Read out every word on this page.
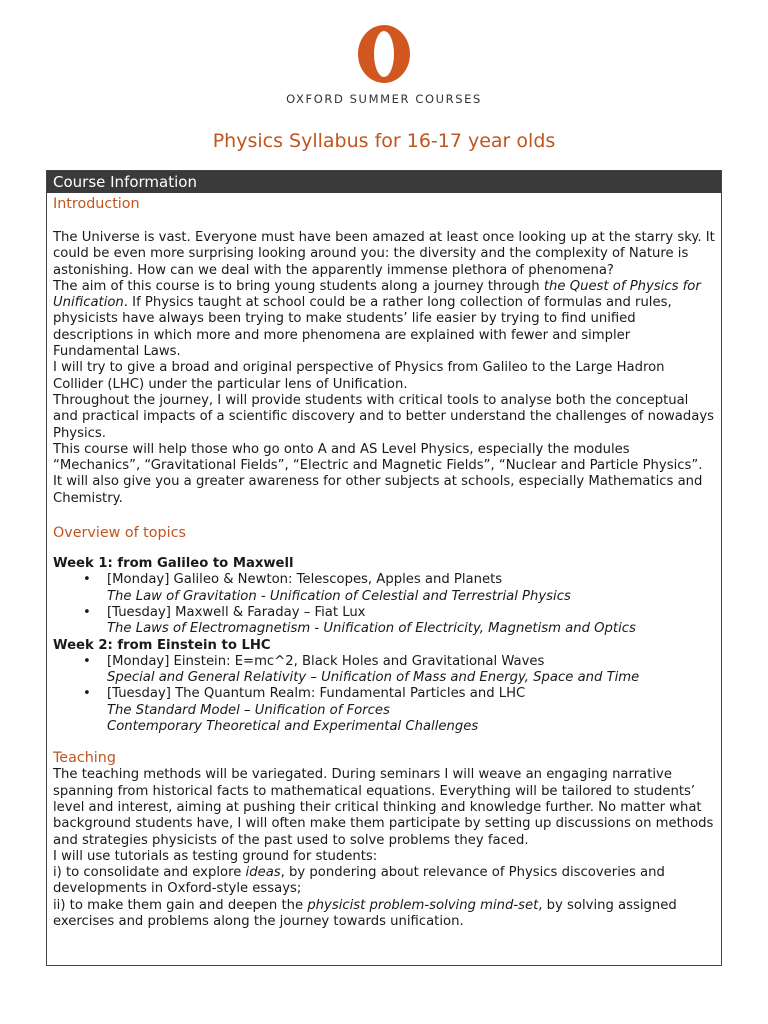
OXFORD SUMMER COURSES
Physics Syllabus for 16-17 year olds
Course Information
Introduction

The Universe is vast. Everyone must have been amazed at least once looking up at the starry sky. It could be even more surprising looking around you: the diversity and the complexity of Nature is astonishing. How can we deal with the apparently immense plethora of phenomena?

The aim of this course is to bring young students along a journey through the Quest of Physics for Unification. If Physics taught at school could be a rather long collection of formulas and rules, physicists have always been trying to make students’ life easier by trying to find unified descriptions in which more and more phenomena are explained with fewer and simpler Fundamental Laws.

I will try to give a broad and original perspective of Physics from Galileo to the Large Hadron Collider (LHC) under the particular lens of Unification.

Throughout the journey, I will provide students with critical tools to analyse both the conceptual and practical impacts of a scientific discovery and to better understand the challenges of nowadays Physics.

This course will help those who go onto A and AS Level Physics, especially the modules “Mechanics”, “Gravitational Fields”, “Electric and Magnetic Fields”, “Nuclear and Particle Physics”. It will also give you a greater awareness for other subjects at schools, especially Mathematics and Chemistry.

Overview of topics

Week 1: from Galileo to Maxwell

• [Monday] Galileo & Newton: Telescopes, Apples and Planets
The Law of Gravitation - Unification of Celestial and Terrestrial Physics
• [Tuesday] Maxwell & Faraday – Fiat Lux
The Laws of Electromagnetism - Unification of Electricity, Magnetism and Optics

Week 2: from Einstein to LHC

• [Monday] Einstein: E=mc^2, Black Holes and Gravitational Waves
Special and General Relativity – Unification of Mass and Energy, Space and Time
• [Tuesday] The Quantum Realm: Fundamental Particles and LHC
The Standard Model – Unification of Forces
Contemporary Theoretical and Experimental Challenges
Teaching

The teaching methods will be variegated. During seminars I will weave an engaging narrative spanning from historical facts to mathematical equations. Everything will be tailored to students’ level and interest, aiming at pushing their critical thinking and knowledge further. No matter what background students have, I will often make them participate by setting up discussions on methods and strategies physicists of the past used to solve problems they faced.

I will use tutorials as testing ground for students:

i) to consolidate and explore ideas, by pondering about relevance of Physics discoveries and developments in Oxford-style essays;

ii) to make them gain and deepen the physicist problem-solving mind-set, by solving assigned exercises and problems along the journey towards unification.
